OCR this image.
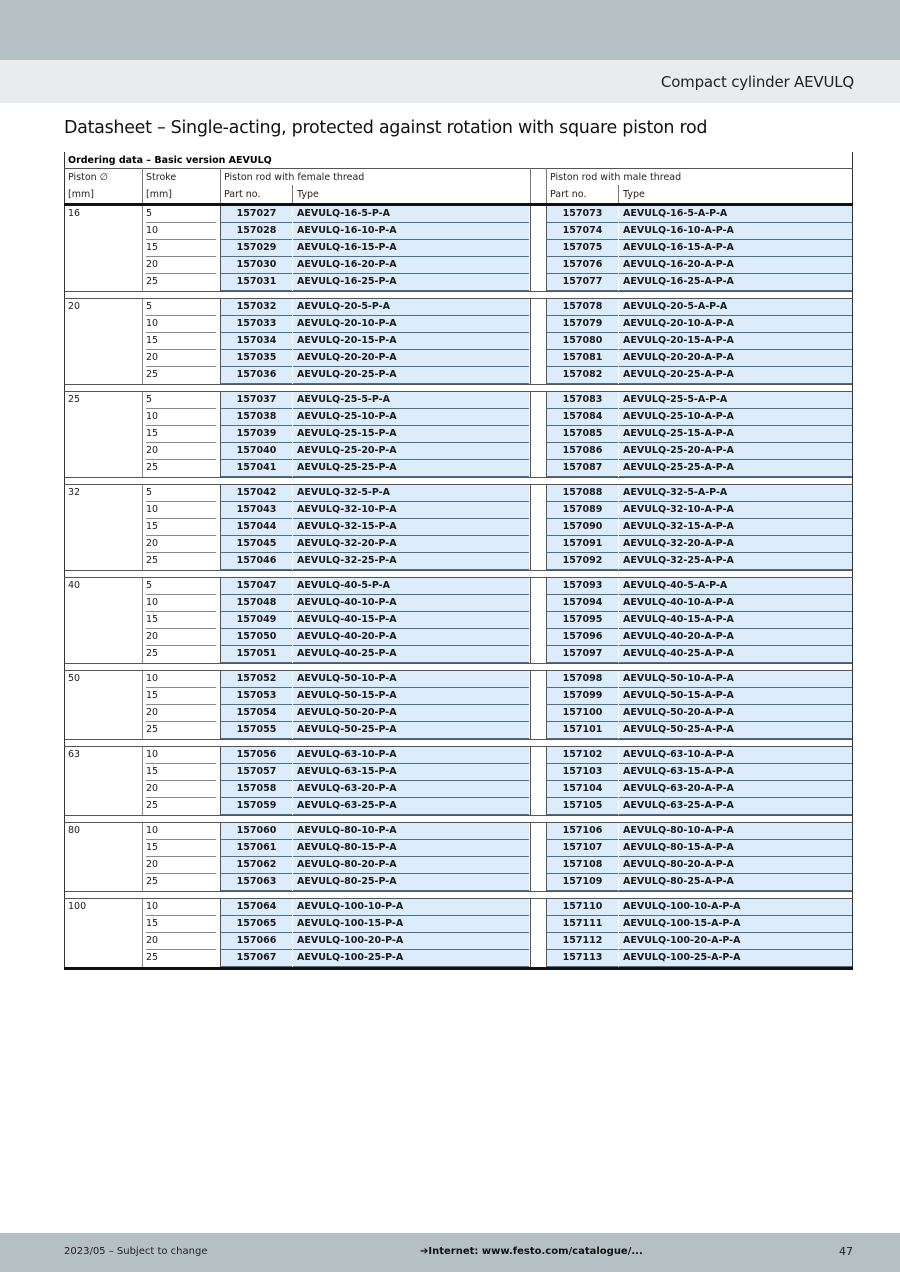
Compact cylinder AEVULQ
Datasheet – Single-acting, protected against rotation with square piston rod
Ordering data – Basic version AEVULQ
Piston ∅	Stroke	Piston rod with female thread	Piston rod with male thread
[mm]	[mm]	Part no.	Type	Part no.	Type
16	5	157027	AEVULQ-16-5-P-A	157073	AEVULQ-16-5-A-P-A
10	157028	AEVULQ-16-10-P-A	157074	AEVULQ-16-10-A-P-A
15	157029	AEVULQ-16-15-P-A	157075	AEVULQ-16-15-A-P-A
20	157030	AEVULQ-16-20-P-A	157076	AEVULQ-16-20-A-P-A
25	157031	AEVULQ-16-25-P-A	157077	AEVULQ-16-25-A-P-A
20	5	157032	AEVULQ-20-5-P-A	157078	AEVULQ-20-5-A-P-A
10	157033	AEVULQ-20-10-P-A	157079	AEVULQ-20-10-A-P-A
15	157034	AEVULQ-20-15-P-A	157080	AEVULQ-20-15-A-P-A
20	157035	AEVULQ-20-20-P-A	157081	AEVULQ-20-20-A-P-A
25	157036	AEVULQ-20-25-P-A	157082	AEVULQ-20-25-A-P-A
25	5	157037	AEVULQ-25-5-P-A	157083	AEVULQ-25-5-A-P-A
10	157038	AEVULQ-25-10-P-A	157084	AEVULQ-25-10-A-P-A
15	157039	AEVULQ-25-15-P-A	157085	AEVULQ-25-15-A-P-A
20	157040	AEVULQ-25-20-P-A	157086	AEVULQ-25-20-A-P-A
25	157041	AEVULQ-25-25-P-A	157087	AEVULQ-25-25-A-P-A
32	5	157042	AEVULQ-32-5-P-A	157088	AEVULQ-32-5-A-P-A
10	157043	AEVULQ-32-10-P-A	157089	AEVULQ-32-10-A-P-A
15	157044	AEVULQ-32-15-P-A	157090	AEVULQ-32-15-A-P-A
20	157045	AEVULQ-32-20-P-A	157091	AEVULQ-32-20-A-P-A
25	157046	AEVULQ-32-25-P-A	157092	AEVULQ-32-25-A-P-A
40	5	157047	AEVULQ-40-5-P-A	157093	AEVULQ-40-5-A-P-A
10	157048	AEVULQ-40-10-P-A	157094	AEVULQ-40-10-A-P-A
15	157049	AEVULQ-40-15-P-A	157095	AEVULQ-40-15-A-P-A
20	157050	AEVULQ-40-20-P-A	157096	AEVULQ-40-20-A-P-A
25	157051	AEVULQ-40-25-P-A	157097	AEVULQ-40-25-A-P-A
50	10	157052	AEVULQ-50-10-P-A	157098	AEVULQ-50-10-A-P-A
15	157053	AEVULQ-50-15-P-A	157099	AEVULQ-50-15-A-P-A
20	157054	AEVULQ-50-20-P-A	157100	AEVULQ-50-20-A-P-A
25	157055	AEVULQ-50-25-P-A	157101	AEVULQ-50-25-A-P-A
63	10	157056	AEVULQ-63-10-P-A	157102	AEVULQ-63-10-A-P-A
15	157057	AEVULQ-63-15-P-A	157103	AEVULQ-63-15-A-P-A
20	157058	AEVULQ-63-20-P-A	157104	AEVULQ-63-20-A-P-A
25	157059	AEVULQ-63-25-P-A	157105	AEVULQ-63-25-A-P-A
80	10	157060	AEVULQ-80-10-P-A	157106	AEVULQ-80-10-A-P-A
15	157061	AEVULQ-80-15-P-A	157107	AEVULQ-80-15-A-P-A
20	157062	AEVULQ-80-20-P-A	157108	AEVULQ-80-20-A-P-A
25	157063	AEVULQ-80-25-P-A	157109	AEVULQ-80-25-A-P-A
100	10	157064	AEVULQ-100-10-P-A	157110	AEVULQ-100-10-A-P-A
15	157065	AEVULQ-100-15-P-A	157111	AEVULQ-100-15-A-P-A
20	157066	AEVULQ-100-20-P-A	157112	AEVULQ-100-20-A-P-A
25	157067	AEVULQ-100-25-P-A	157113	AEVULQ-100-25-A-P-A
2023/05 – Subject to change	➔Internet: www.festo.com/catalogue/...	47
